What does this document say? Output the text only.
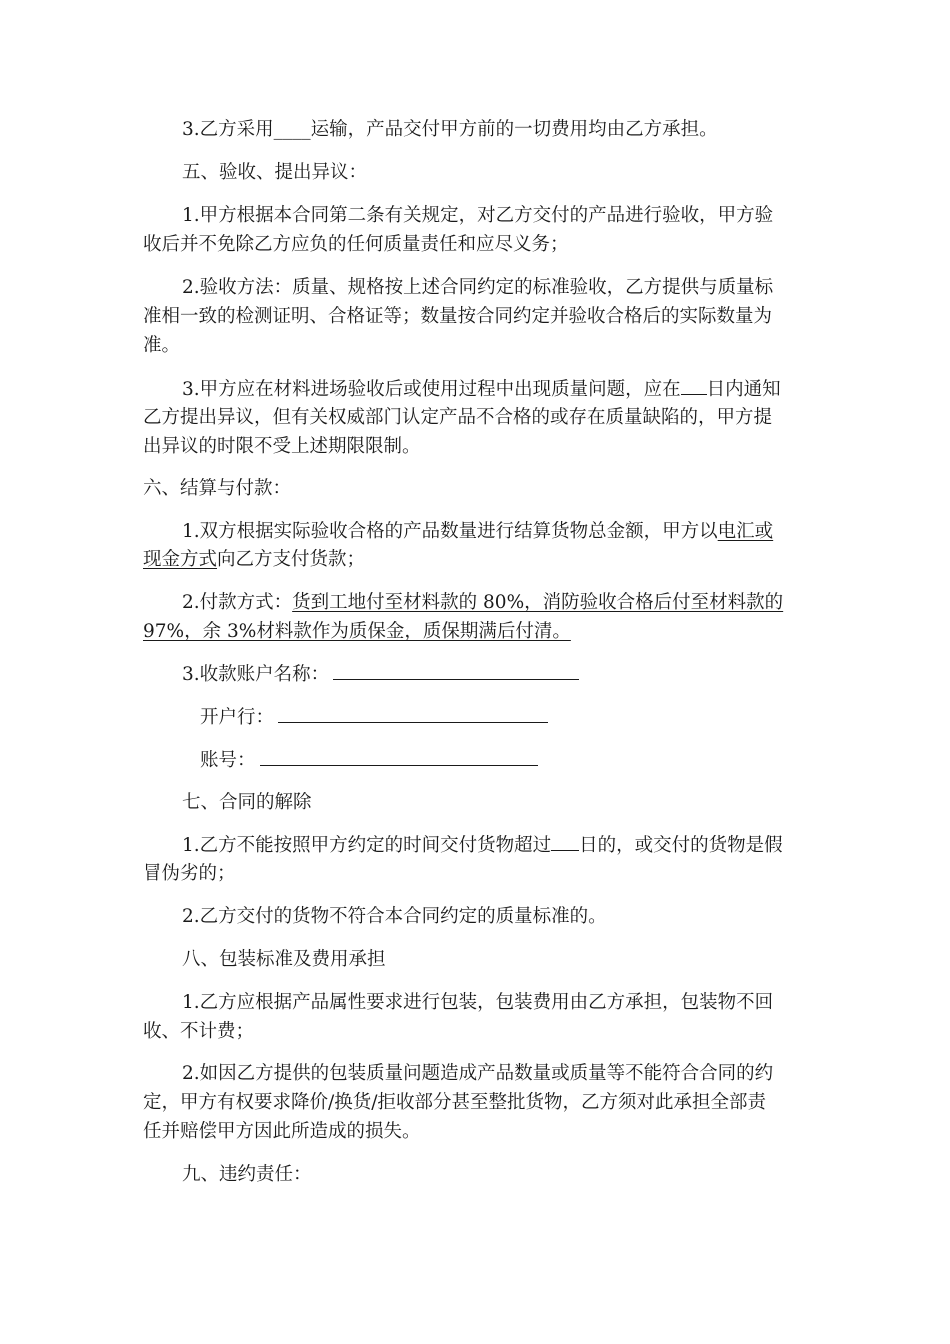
3.乙方采用____运输，产品交付甲方前的一切费用均由乙方承担。
五、验收、提出异议：
1.甲方根据本合同第二条有关规定，对乙方交付的产品进行验收，甲方验
收后并不免除乙方应负的任何质量责任和应尽义务；
2.验收方法：质量、规格按上述合同约定的标准验收，乙方提供与质量标
准相一致的检测证明、合格证等；数量按合同约定并验收合格后的实际数量为
准。
3.甲方应在材料进场验收后或使用过程中出现质量问题，应在 日内通知
乙方提出异议，但有关权威部门认定产品不合格的或存在质量缺陷的，甲方提
出异议的时限不受上述期限限制。
六、结算与付款：
1.双方根据实际验收合格的产品数量进行结算货物总金额，甲方以电汇或
现金方式向乙方支付货款；
2.付款方式：货到工地付至材料款的 80%，消防验收合格后付至材料款的
97%，余 3%材料款作为质保金，质保期满后付清。
3.收款账户名称：
开户行：
账号：
七、合同的解除
1.乙方不能按照甲方约定的时间交付货物超过 日的，或交付的货物是假
冒伪劣的；
2.乙方交付的货物不符合本合同约定的质量标准的。
八、包装标准及费用承担
1.乙方应根据产品属性要求进行包装，包装费用由乙方承担，包装物不回
收、不计费；
2.如因乙方提供的包装质量问题造成产品数量或质量等不能符合合同的约
定，甲方有权要求降价/换货/拒收部分甚至整批货物，乙方须对此承担全部责
任并赔偿甲方因此所造成的损失。
九、违约责任：
